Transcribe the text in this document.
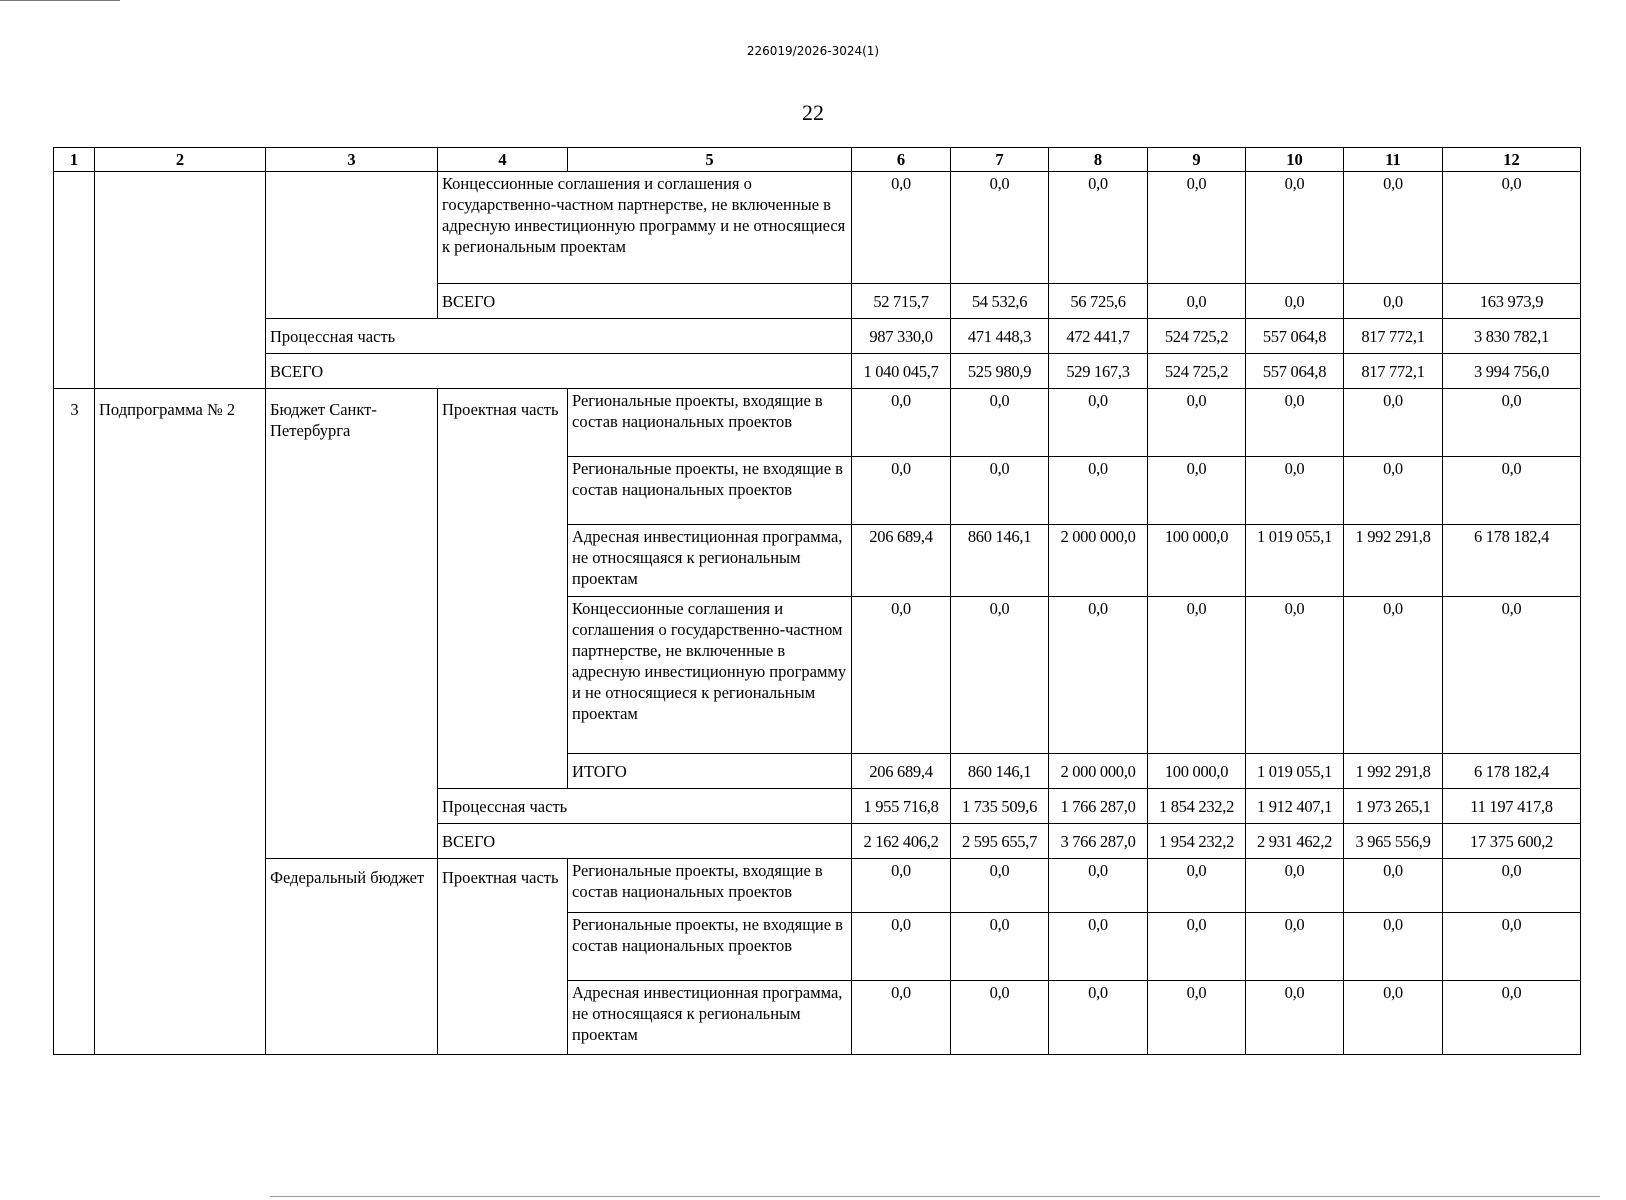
226019/2026-3024(1)
22
1	2	3	4	5	6	7	8	9	10	11	12
			Концессионные соглашения и соглашения о государственно-частном партнерстве, не включенные в адресную инвестиционную программу и не относящиеся к региональным проектам		0,0	0,0	0,0	0,0	0,0	0,0	0,0
			ВСЕГО		52 715,7	54 532,6	56 725,6	0,0	0,0	0,0	163 973,9
		Процессная часть			987 330,0	471 448,3	472 441,7	524 725,2	557 064,8	817 772,1	3 830 782,1
		ВСЕГО			1 040 045,7	525 980,9	529 167,3	524 725,2	557 064,8	817 772,1	3 994 756,0
3	Подпрограмма № 2	Бюджет Санкт-Петербурга	Проектная часть	Региональные проекты, входящие в состав национальных проектов	0,0	0,0	0,0	0,0	0,0	0,0	0,0
				Региональные проекты, не входящие в состав национальных проектов	0,0	0,0	0,0	0,0	0,0	0,0	0,0
				Адресная инвестиционная программа, не относящаяся к региональным проектам	206 689,4	860 146,1	2 000 000,0	100 000,0	1 019 055,1	1 992 291,8	6 178 182,4
				Концессионные соглашения и соглашения о государственно-частном партнерстве, не включенные в адресную инвестиционную программу и не относящиеся к региональным проектам	0,0	0,0	0,0	0,0	0,0	0,0	0,0
				ИТОГО	206 689,4	860 146,1	2 000 000,0	100 000,0	1 019 055,1	1 992 291,8	6 178 182,4
			Процессная часть		1 955 716,8	1 735 509,6	1 766 287,0	1 854 232,2	1 912 407,1	1 973 265,1	11 197 417,8
			ВСЕГО		2 162 406,2	2 595 655,7	3 766 287,0	1 954 232,2	2 931 462,2	3 965 556,9	17 375 600,2
		Федеральный бюджет	Проектная часть	Региональные проекты, входящие в состав национальных проектов	0,0	0,0	0,0	0,0	0,0	0,0	0,0
				Региональные проекты, не входящие в состав национальных проектов	0,0	0,0	0,0	0,0	0,0	0,0	0,0
				Адресная инвестиционная программа, не относящаяся к региональным проектам	0,0	0,0	0,0	0,0	0,0	0,0	0,0
